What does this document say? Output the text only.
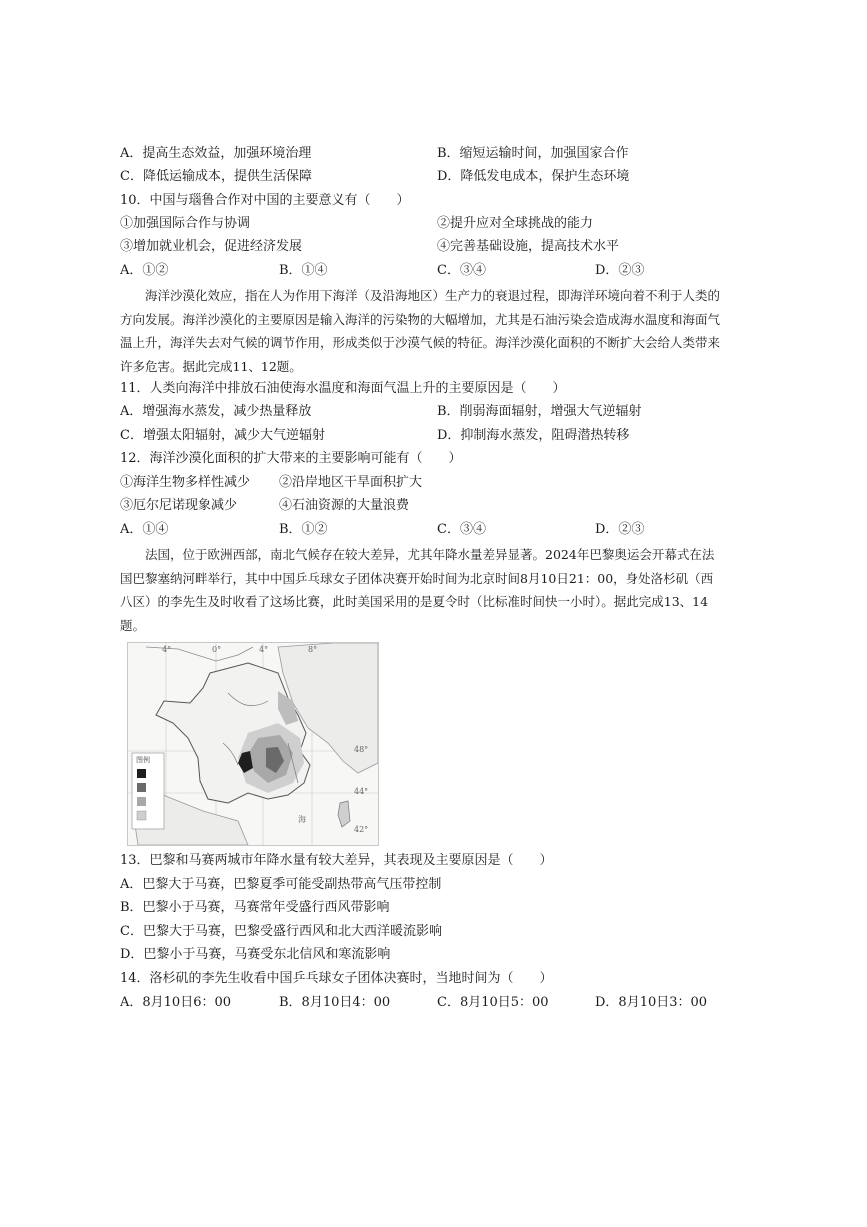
A．提高生态效益，加强环境治理	B．缩短运输时间，加强国家合作
C．降低运输成本，提供生活保障	D．降低发电成本，保护生态环境
10．中国与瑙鲁合作对中国的主要意义有（　　）
①加强国际合作与协调	②提升应对全球挑战的能力
③增加就业机会，促进经济发展	④完善基础设施，提高技术水平
A．①②	B．①④	C．③④	D．②③
海洋沙漠化效应，指在人为作用下海洋（及沿海地区）生产力的衰退过程，即海洋环境向着不利于人类的
方向发展。海洋沙漠化的主要原因是输入海洋的污染物的大幅增加，尤其是石油污染会造成海水温度和海面气
温上升，海洋失去对气候的调节作用，形成类似于沙漠气候的特征。海洋沙漠化面积的不断扩大会给人类带来
许多危害。据此完成11、12题。
11．人类向海洋中排放石油使海水温度和海面气温上升的主要原因是（　　）
A．增强海水蒸发，减少热量释放	B．削弱海面辐射，增强大气逆辐射
C．增强太阳辐射，减少大气逆辐射	D．抑制海水蒸发，阻碍潜热转移
12．海洋沙漠化面积的扩大带来的主要影响可能有（　　）
①海洋生物多样性减少 ②沿岸地区干旱面积扩大
③厄尔尼诺现象减少	④石油资源的大量浪费
A．①④	B．①②	C．③④	D．②③
法国，位于欧洲西部，南北气候存在较大差异，尤其年降水量差异显著。2024年巴黎奥运会开幕式在法
国巴黎塞纳河畔举行，其中中国乒乓球女子团体决赛开始时间为北京时间8月10日21：00，身处洛杉矶（西
八区）的李先生及时收看了这场比赛，此时美国采用的是夏令时（比标准时间快一小时）。据此完成13、14
题。
4°	0°	4°	8°
48°
44°
42°
图例
海
13．巴黎和马赛两城市年降水量有较大差异，其表现及主要原因是（　　）
A．巴黎大于马赛，巴黎夏季可能受副热带高气压带控制
B．巴黎小于马赛，马赛常年受盛行西风带影响
C．巴黎大于马赛，巴黎受盛行西风和北大西洋暖流影响
D．巴黎小于马赛，马赛受东北信风和寒流影响
14．洛杉矶的李先生收看中国乒乓球女子团体决赛时，当地时间为（　　）
A．8月10日6：00	B．8月10日4：00	C．8月10日5：00	D．8月10日3：00
